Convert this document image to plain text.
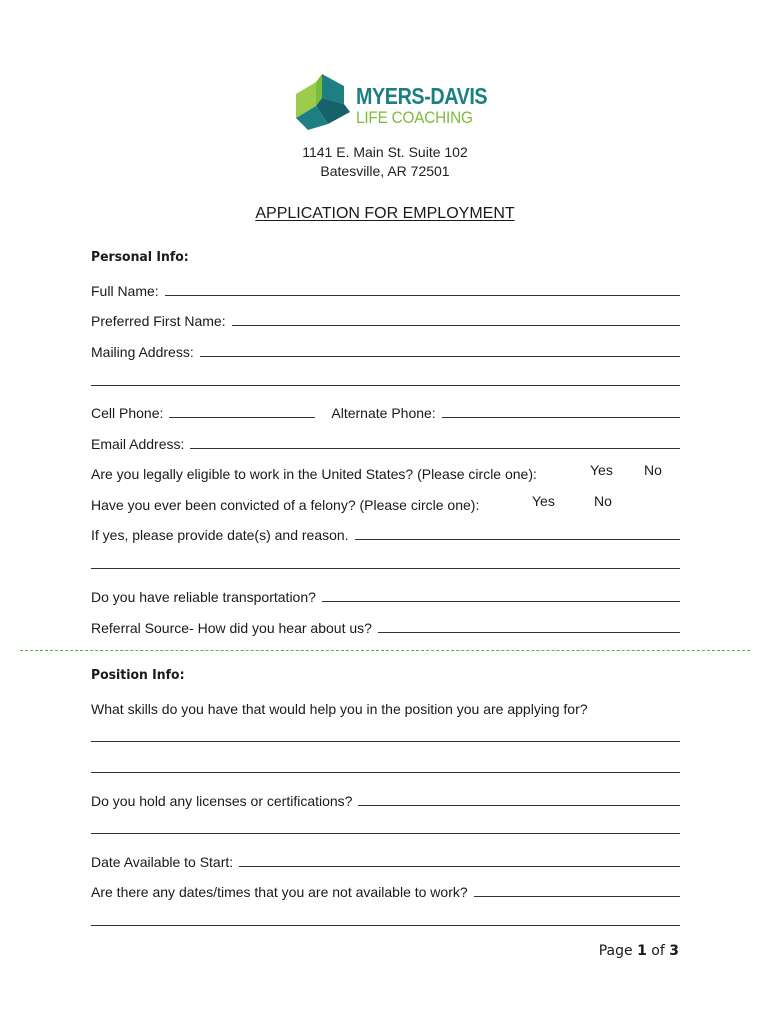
MYERS-DAVIS
LIFE COACHING
1141 E. Main St. Suite 102
Batesville, AR 72501
APPLICATION FOR EMPLOYMENT
Personal Info:
Full Name:
Preferred First Name:
Mailing Address:
Cell Phone:	Alternate Phone:
Email Address:
Are you legally eligible to work in the United States? (Please circle one):	Yes No
Have you ever been convicted of a felony? (Please circle one):	Yes	No
If yes, please provide date(s) and reason.
Do you have reliable transportation?
Referral Source- How did you hear about us?
Position Info:
What skills do you have that would help you in the position you are applying for?
Do you hold any licenses or certifications?
Date Available to Start:
Are there any dates/times that you are not available to work?
Page 1 of 3
